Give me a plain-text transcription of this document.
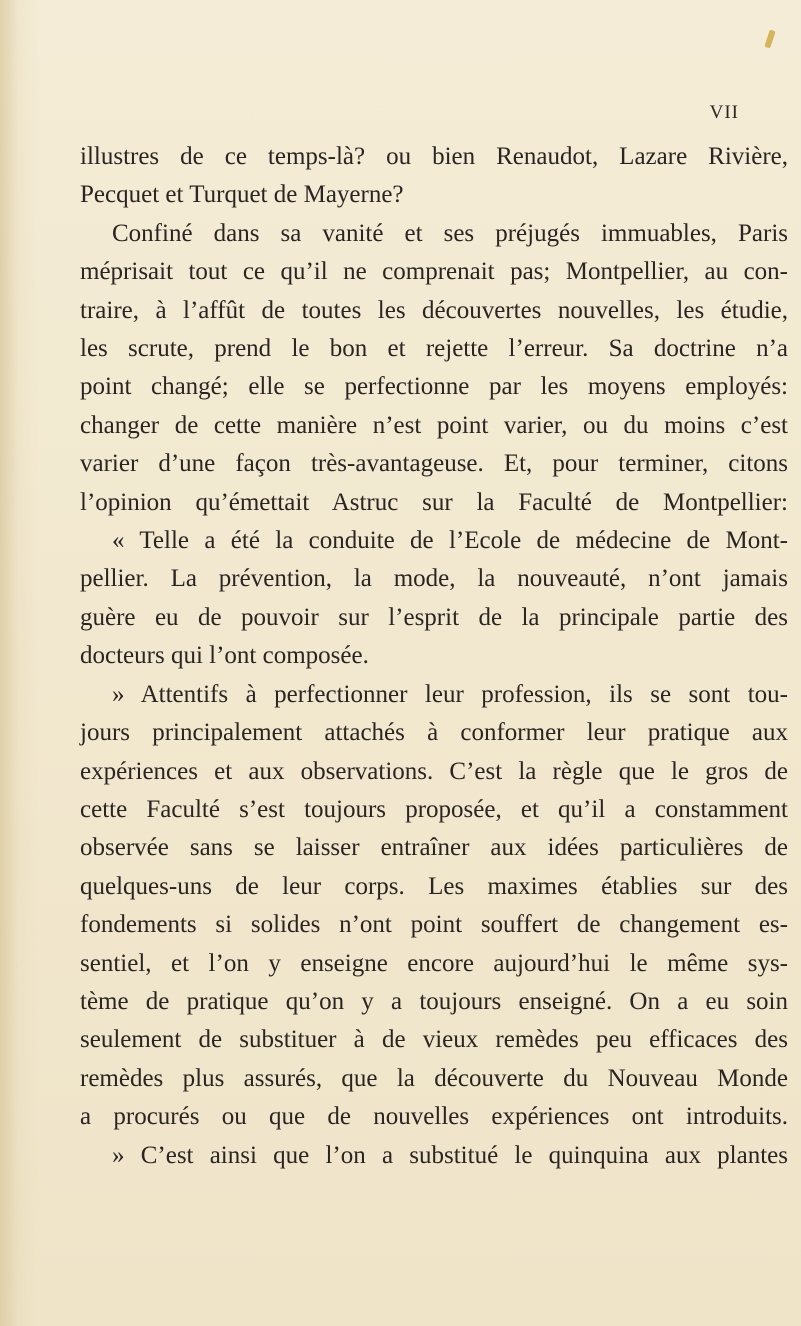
VII
illustres de ce temps-là? ou bien Renaudot, Lazare Rivière,
Pecquet et Turquet de Mayerne?
Confiné dans sa vanité et ses préjugés immuables, Paris
méprisait tout ce qu’il ne comprenait pas; Montpellier, au con-
traire, à l’affût de toutes les découvertes nouvelles, les étudie,
les scrute, prend le bon et rejette l’erreur. Sa doctrine n’a
point changé; elle se perfectionne par les moyens employés:
changer de cette manière n’est point varier, ou du moins c’est
varier d’une façon très-avantageuse. Et, pour terminer, citons
l’opinion qu’émettait Astruc sur la Faculté de Montpellier:
« Telle a été la conduite de l’Ecole de médecine de Mont-
pellier. La prévention, la mode, la nouveauté, n’ont jamais
guère eu de pouvoir sur l’esprit de la principale partie des
docteurs qui l’ont composée.
» Attentifs à perfectionner leur profession, ils se sont tou-
jours principalement attachés à conformer leur pratique aux
expériences et aux observations. C’est la règle que le gros de
cette Faculté s’est toujours proposée, et qu’il a constamment
observée sans se laisser entraîner aux idées particulières de
quelques-uns de leur corps. Les maximes établies sur des
fondements si solides n’ont point souffert de changement es-
sentiel, et l’on y enseigne encore aujourd’hui le même sys-
tème de pratique qu’on y a toujours enseigné. On a eu soin
seulement de substituer à de vieux remèdes peu efficaces des
remèdes plus assurés, que la découverte du Nouveau Monde
a procurés ou que de nouvelles expériences ont introduits.
» C’est ainsi que l’on a substitué le quinquina aux plantes
